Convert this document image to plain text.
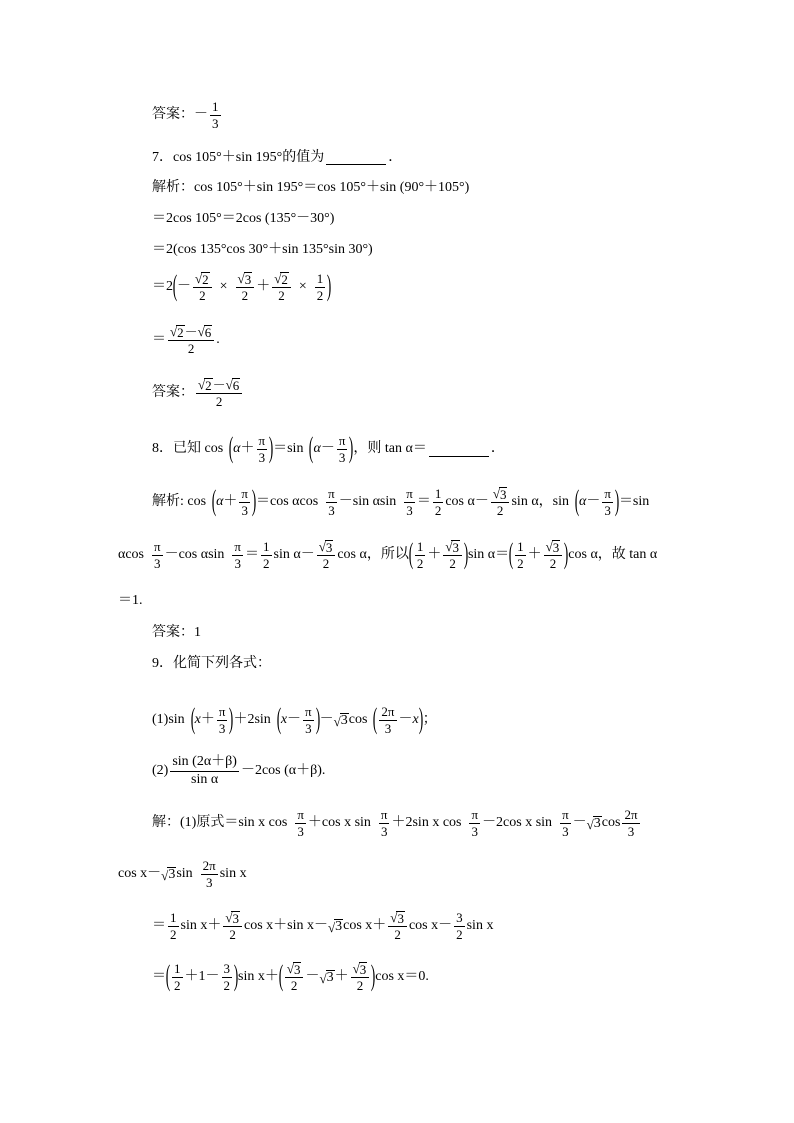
答案： － $\frac{1}{3}$
7． cos 105°＋sin 195°的值为	．
解析： cos 105°＋sin 195°＝cos 105°＋sin (90°＋105°)
＝2cos 105°＝2cos (135°－30°)
＝2(cos 135°cos 30°＋sin 135°sin 30°)
＝2 ( － $\frac{√ 2}{2} \times \frac{√ 3}{2} + \frac{√ 2}{2} \times \frac{1}{2}$ )
＝ $\frac{√ 2 - √ 6}{2}$ .
答案： $\frac{√ 2 - √ 6}{2}$
8． 已知 cos ( $\alpha + \frac{\pi}{3}$ ) ＝sin ( $\alpha - \frac{\pi}{3}$ ) ，则 tan α＝	．
解析: cos ( $\alpha + \frac{\pi}{3}$ ) ＝cos αcos $\frac{\pi}{3} -\sin$ αsin $\frac{\pi}{3} = \frac{1}{2}$ $\cos \alpha - \frac{√ 3}{2}$ sin α，sin ( $\alpha - \frac{\pi}{3}$ ) ＝sin
αcos $\frac{\pi}{3} -\cos$ αsin $\frac{\pi}{3} = \frac{1}{2}$ $\sin \alpha - \frac{√ 3}{2}$ cos α，所以 ( $\frac{1}{2} + \frac{√ 3}{2}$ ) sin α＝ ( $\frac{1}{2} + \frac{√ 3}{2}$ ) cos α，故 tan α
＝1.
答案： 1
9． 化简下列各式：
(1)sin ( $x + \frac{\pi}{3}$ ) ＋2sin ( $x - \frac{\pi}{3}$ ) － √ 3 cos ( $\frac{2\pi}{3} - x$ ) ；
$(2) \frac{\sin (2\alpha+\beta)}{\text{sin α}} -2\cos$ (α＋β).
解： (1)原式＝sin x $\cos \frac{\pi}{3} +\cos$ x $\sin \frac{\pi}{3} +2\sin$ x $\cos \frac{\pi}{3} -2\cos$ x $\sin \frac{\pi}{3}$ － √ 3 $\cos \frac{2\pi}{3}$
cos x－ √ 3 $\sin \frac{2\pi}{3}$ sin x
＝ $\frac{1}{2}$ $\sin x+ \frac{√ 3}{2}$ cos x＋sin x－ √ 3 $\cos x+ \frac{√ 3}{2}$ $\cos x- \frac{3}{2}$ sin x
＝ ( $\frac{1}{2} +1- \frac{3}{2}$ ) sin x＋ ( $\frac{√ 3}{2}$ － √ $3 + \frac{√ 3}{2}$ ) cos x＝0.
